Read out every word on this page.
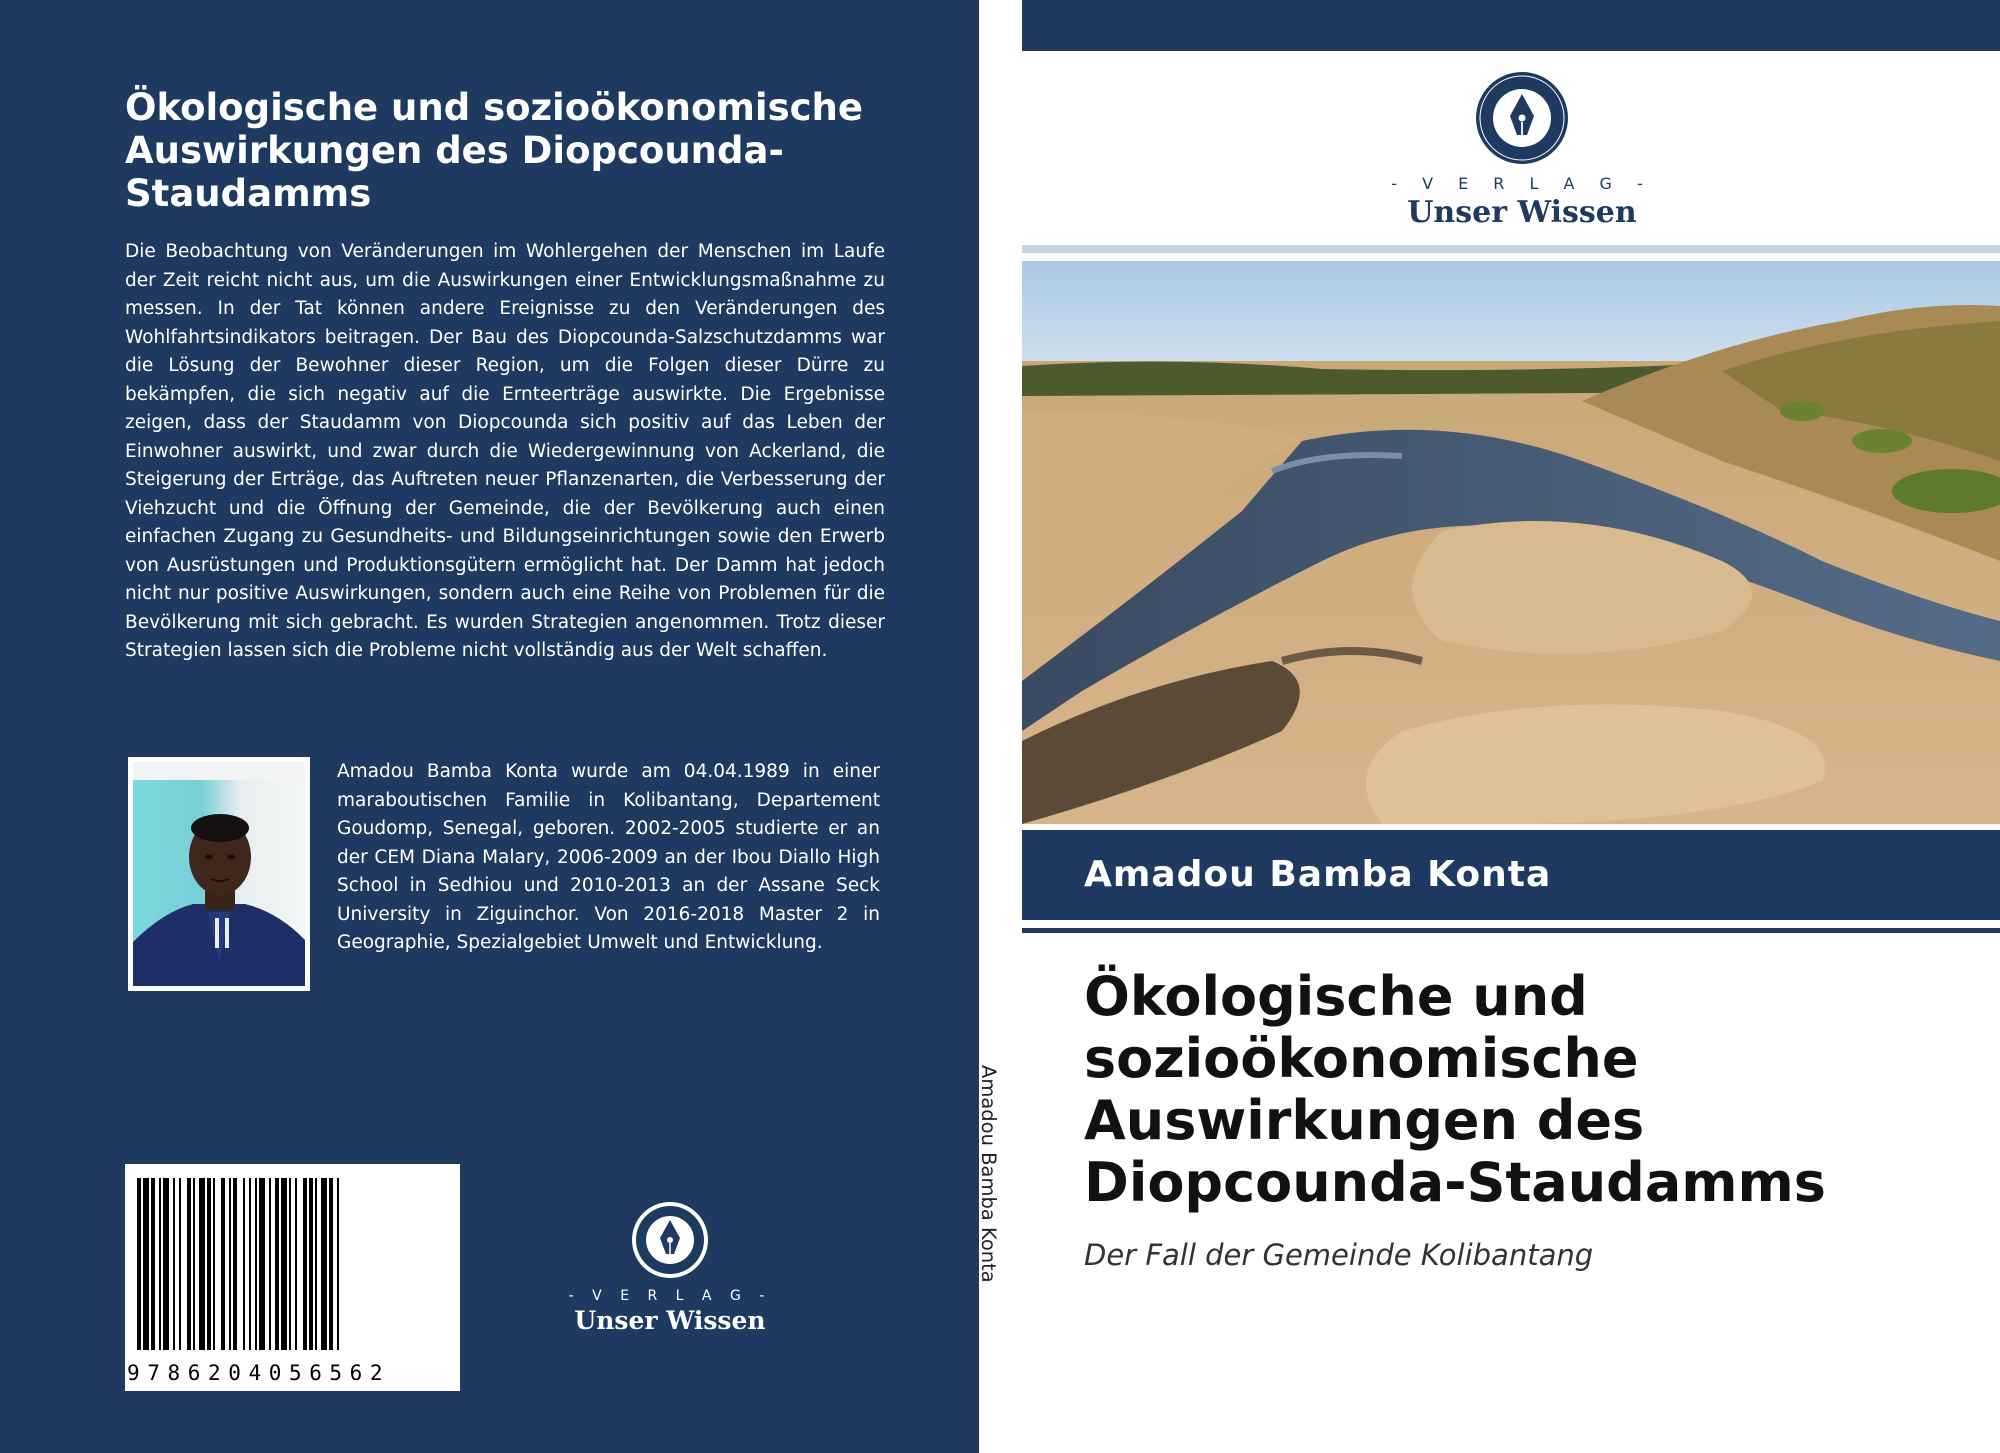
Ökologische und sozioökonomische Auswirkungen des Diopcounda-Staudamms

Die Beobachtung von Veränderungen im Wohlergehen der Menschen im Laufe der Zeit reicht nicht aus, um die Auswirkungen einer Entwicklungsmaßnahme zu messen. In der Tat können andere Ereignisse zu den Veränderungen des Wohlfahrtsindikators beitragen. Der Bau des Diopcounda-Salzschutzdamms war die Lösung der Bewohner dieser Region, um die Folgen dieser Dürre zu bekämpfen, die sich negativ auf die Ernteerträge auswirkte. Die Ergebnisse zeigen, dass der Staudamm von Diopcounda sich positiv auf das Leben der Einwohner auswirkt, und zwar durch die Wiedergewinnung von Ackerland, die Steigerung der Erträge, das Auftreten neuer Pflanzenarten, die Verbesserung der Viehzucht und die Öffnung der Gemeinde, die der Bevölkerung auch einen einfachen Zugang zu Gesundheits- und Bildungseinrichtungen sowie den Erwerb von Ausrüstungen und Produktionsgütern ermöglicht hat. Der Damm hat jedoch nicht nur positive Auswirkungen, sondern auch eine Reihe von Problemen für die Bevölkerung mit sich gebracht. Es wurden Strategien angenommen. Trotz dieser Strategien lassen sich die Probleme nicht vollständig aus der Welt schaffen.

Amadou Bamba Konta wurde am 04.04.1989 in einer maraboutischen Familie in Kolibantang, Departement Goudomp, Senegal, geboren. 2002-2005 studierte er an der CEM Diana Malary, 2006-2009 an der Ibou Diallo High School in Sedhiou und 2010-2013 an der Assane Seck University in Ziguinchor. Von 2016-2018 Master 2 in Geographie, Spezialgebiet Umwelt und Entwicklung.

9786204056562
- V E R L A G -
Unser Wissen
Amadou Bamba Konta
- V E R L A G -
Unser Wissen
Amadou Bamba Konta
Ökologische und sozioökonomische Auswirkungen des Diopcounda-Staudamms
Der Fall der Gemeinde Kolibantang
